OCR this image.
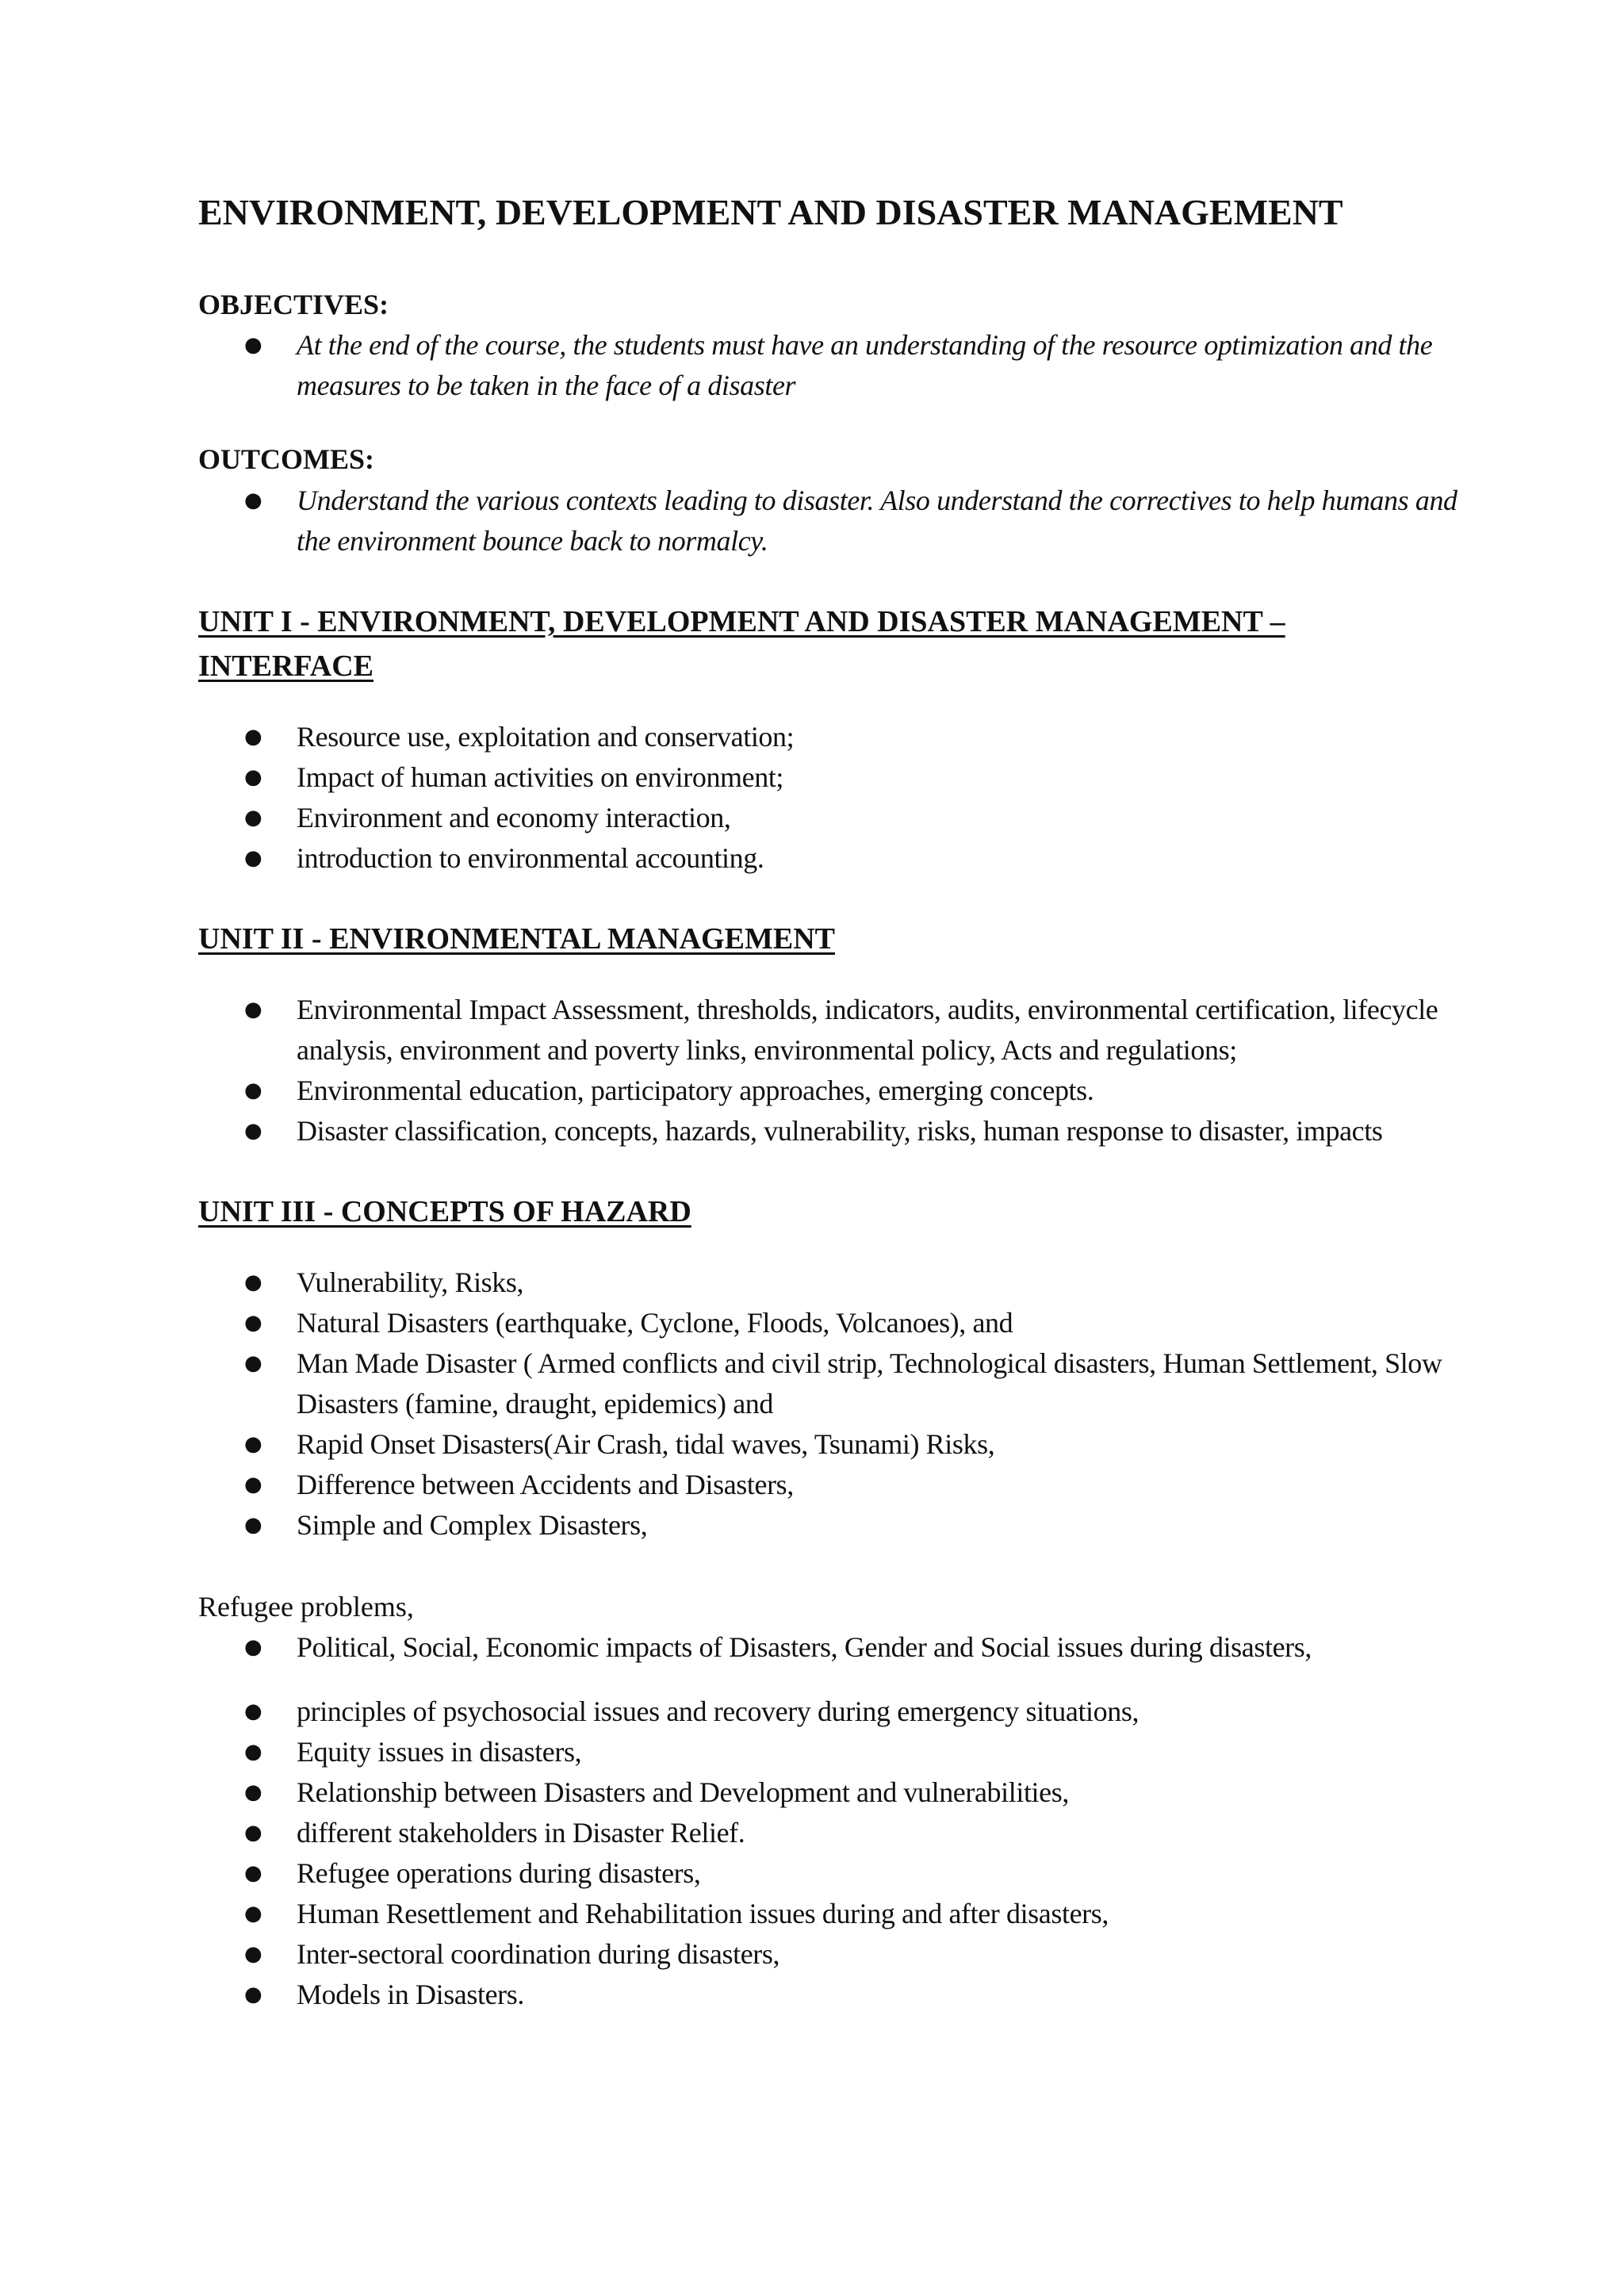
ENVIRONMENT, DEVELOPMENT AND DISASTER MANAGEMENT
OBJECTIVES:
● At the end of the course, the students must have an understanding of the resource optimization and the measures to be taken in the face of a disaster
OUTCOMES:
● Understand the various contexts leading to disaster. Also understand the correctives to help humans and the environment bounce back to normalcy.
UNIT I - ENVIRONMENT, DEVELOPMENT AND DISASTER MANAGEMENT – INTERFACE
● Resource use, exploitation and conservation;
● Impact of human activities on environment;
● Environment and economy interaction,
● introduction to environmental accounting.
UNIT II - ENVIRONMENTAL MANAGEMENT
● Environmental Impact Assessment, thresholds, indicators, audits, environmental certification, lifecycle analysis, environment and poverty links, environmental policy, Acts and regulations;
● Environmental education, participatory approaches, emerging concepts.
● Disaster classification, concepts, hazards, vulnerability, risks, human response to disaster, impacts
UNIT III - CONCEPTS OF HAZARD
● Vulnerability, Risks,
● Natural Disasters (earthquake, Cyclone, Floods, Volcanoes), and
● Man Made Disaster ( Armed conflicts and civil strip, Technological disasters, Human Settlement, Slow Disasters (famine, draught, epidemics) and
● Rapid Onset Disasters(Air Crash, tidal waves, Tsunami) Risks,
● Difference between Accidents and Disasters,
● Simple and Complex Disasters,

Refugee problems,

● Political, Social, Economic impacts of Disasters, Gender and Social issues during disasters,
● principles of psychosocial issues and recovery during emergency situations,
● Equity issues in disasters,
● Relationship between Disasters and Development and vulnerabilities,
● different stakeholders in Disaster Relief.
● Refugee operations during disasters,
● Human Resettlement and Rehabilitation issues during and after disasters,
● Inter-sectoral coordination during disasters,
● Models in Disasters.
